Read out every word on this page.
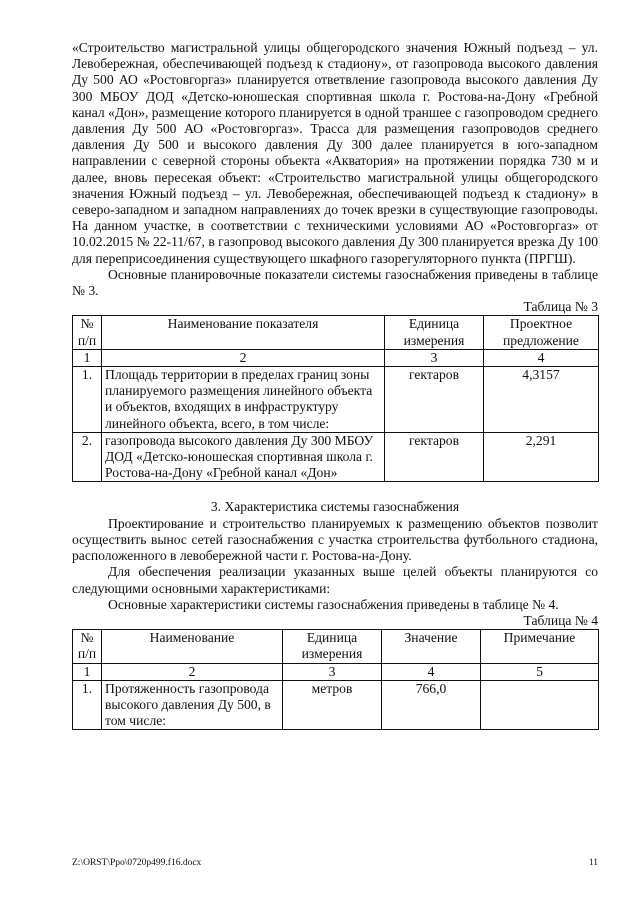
«Строительство магистральной улицы общегородского значения Южный подъезд – ул. Левобережная, обеспечивающей подъезд к стадиону», от газопровода высокого давления Ду 500 АО «Ростовгоргаз» планируется ответвление газопровода высокого давления Ду 300 МБОУ ДОД «Детско-юношеская спортивная школа г. Ростова-на-Дону «Гребной канал «Дон», размещение которого планируется в одной траншее с газопроводом среднего давления Ду 500 АО «Ростовгоргаз». Трасса для размещения газопроводов среднего давления Ду 500 и высокого давления Ду 300 далее планируется в юго-западном направлении с северной стороны объекта «Акватория» на протяжении порядка 730 м и далее, вновь пересекая объект: «Строительство магистральной улицы общегородского значения Южный подъезд – ул. Левобережная, обеспечивающей подъезд к стадиону» в северо-западном и западном направлениях до точек врезки в существующие газопроводы. На данном участке, в соответствии с техническими условиями АО «Ростовгоргаз» от 10.02.2015 № 22-11/67, в газопровод высокого давления Ду 300 планируется врезка Ду 100 для переприсоединения существующего шкафного газорегуляторного пункта (ПРГШ).

Основные планировочные показатели системы газоснабжения приведены в таблице № 3.

Таблица № 3

№ п/п	Наименование показателя	Единица измерения	Проектное предложение
1	2	3	4
1.	Площадь территории в пределах границ зоны планируемого размещения линейного объекта и объектов, входящих в инфраструктуру линейного объекта, всего, в том числе:	гектаров	4,3157
2.	газопровода высокого давления Ду 300 МБОУ ДОД «Детско-юношеская спортивная школа г. Ростова-на-Дону «Гребной канал «Дон»	гектаров	2,291

3. Характеристика системы газоснабжения

Проектирование и строительство планируемых к размещению объектов позволит осуществить вынос сетей газоснабжения с участка строительства футбольного стадиона, расположенного в левобережной части г. Ростова-на-Дону.

Для обеспечения реализации указанных выше целей объекты планируются со следующими основными характеристиками:

Основные характеристики системы газоснабжения приведены в таблице № 4.

Таблица № 4

№ п/п	Наименование	Единица измерения	Значение	Примечание
1	2	3	4	5
1.	Протяженность газопровода высокого давления Ду 500, в том числе:	метров	766,0	
Z:\ORST\Ppo\0720p499.f16.docx	11
